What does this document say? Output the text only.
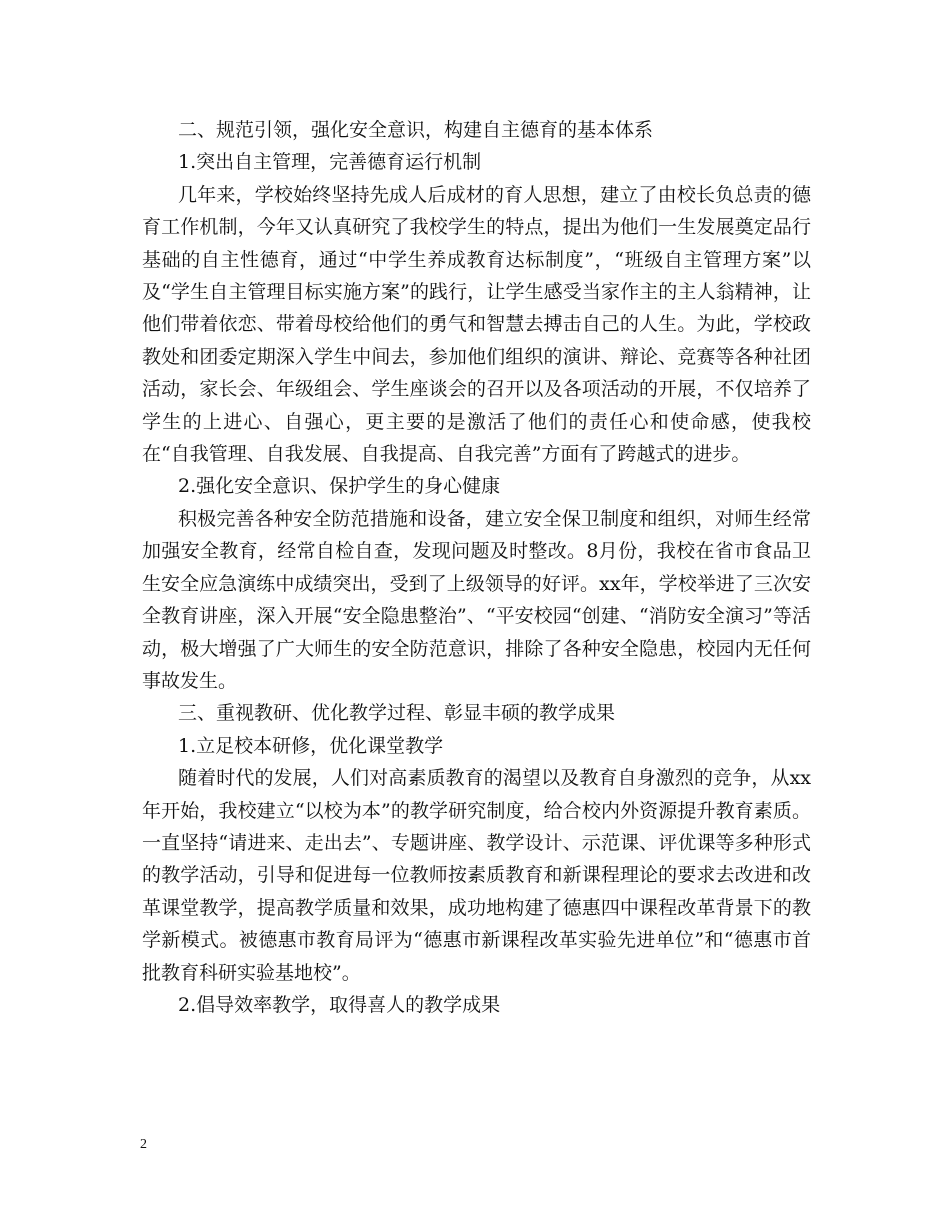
二、规范引领，强化安全意识，构建自主德育的基本体系

1.突出自主管理，完善德育运行机制

几年来，学校始终坚持先成人后成材的育人思想，建立了由校长负总责的德育工作机制，今年又认真研究了我校学生的特点，提出为他们一生发展奠定品行基础的自主性德育，通过“中学生养成教育达标制度”，“班级自主管理方案”以及“学生自主管理目标实施方案”的践行，让学生感受当家作主的主人翁精神，让他们带着依恋、带着母校给他们的勇气和智慧去搏击自己的人生。为此，学校政教处和团委定期深入学生中间去，参加他们组织的演讲、辩论、竞赛等各种社团活动，家长会、年级组会、学生座谈会的召开以及各项活动的开展，不仅培养了学生的上进心、自强心，更主要的是激活了他们的责任心和使命感，使我校在“自我管理、自我发展、自我提高、自我完善”方面有了跨越式的进步。

2.强化安全意识、保护学生的身心健康

积极完善各种安全防范措施和设备，建立安全保卫制度和组织，对师生经常加强安全教育，经常自检自查，发现问题及时整改。8月份，我校在省市食品卫生安全应急演练中成绩突出，受到了上级领导的好评。xx年，学校举进了三次安全教育讲座，深入开展“安全隐患整治”、“平安校园“创建、“消防安全演习”等活动，极大增强了广大师生的安全防范意识，排除了各种安全隐患，校园内无任何事故发生。

三、重视教研、优化教学过程、彰显丰硕的教学成果

1.立足校本研修，优化课堂教学

随着时代的发展，人们对高素质教育的渴望以及教育自身激烈的竞争，从xx年开始，我校建立“以校为本”的教学研究制度，给合校内外资源提升教育素质。一直坚持“请进来、走出去”、专题讲座、教学设计、示范课、评优课等多种形式的教学活动，引导和促进每一位教师按素质教育和新课程理论的要求去改进和改革课堂教学，提高教学质量和效果，成功地构建了德惠四中课程改革背景下的教学新模式。被德惠市教育局评为“德惠市新课程改革实验先进单位”和“德惠市首批教育科研实验基地校”。

2.倡导效率教学，取得喜人的教学成果

2
